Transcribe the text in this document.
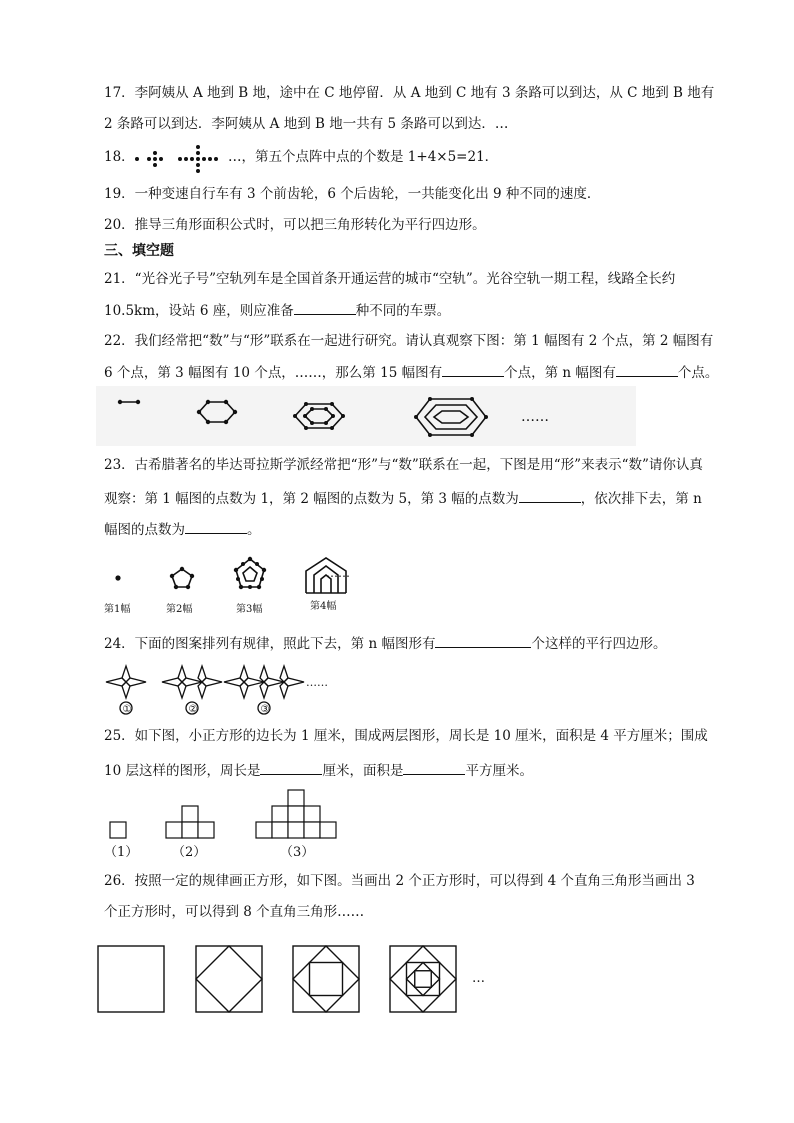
17．李阿姨从 A 地到 B 地，途中在 C 地停留．从 A 地到 C 地有 3 条路可以到达，从 C 地到 B 地有
2 条路可以到达．李阿姨从 A 地到 B 地一共有 5 条路可以到达．…
18．	…，第五个点阵中点的个数是 1+4×5=21．
19．一种变速自行车有 3 个前齿轮，6 个后齿轮，一共能变化出 9 种不同的速度．
20．推导三角形面积公式时，可以把三角形转化为平行四边形。
三、填空题
21．“光谷光子号”空轨列车是全国首条开通运营的城市“空轨”。光谷空轨一期工程，线路全长约
10.5km，设站 6 座，则应准备	种不同的车票。
22．我们经常把“数”与“形”联系在一起进行研究。请认真观察下图：第 1 幅图有 2 个点，第 2 幅图有
6 个点，第 3 幅图有 10 个点，……，那么第 15 幅图有	个点，第 n 幅图有	个点。
……
23．古希腊著名的毕达哥拉斯学派经常把“形”与“数”联系在一起，下图是用“形”来表示“数”请你认真
观察：第 1 幅图的点数为 1，第 2 幅图的点数为 5，第 3 幅的点数为	，依次排下去，第 n
幅图的点数为	。
第1幅	第2幅	第3幅	第4幅
……
24．下面的图案排列有规律，照此下去，第 n 幅图形有	个这样的平行四边形。
①	②	③
……
25．如下图，小正方形的边长为 1 厘米，围成两层图形，周长是 10 厘米，面积是 4 平方厘米；围成
10 层这样的图形，周长是	厘米，面积是	平方厘米。
（1）	（2）	（3）
26．按照一定的规律画正方形，如下图。当画出 2 个正方形时，可以得到 4 个直角三角形当画出 3
个正方形时，可以得到 8 个直角三角形……
…
